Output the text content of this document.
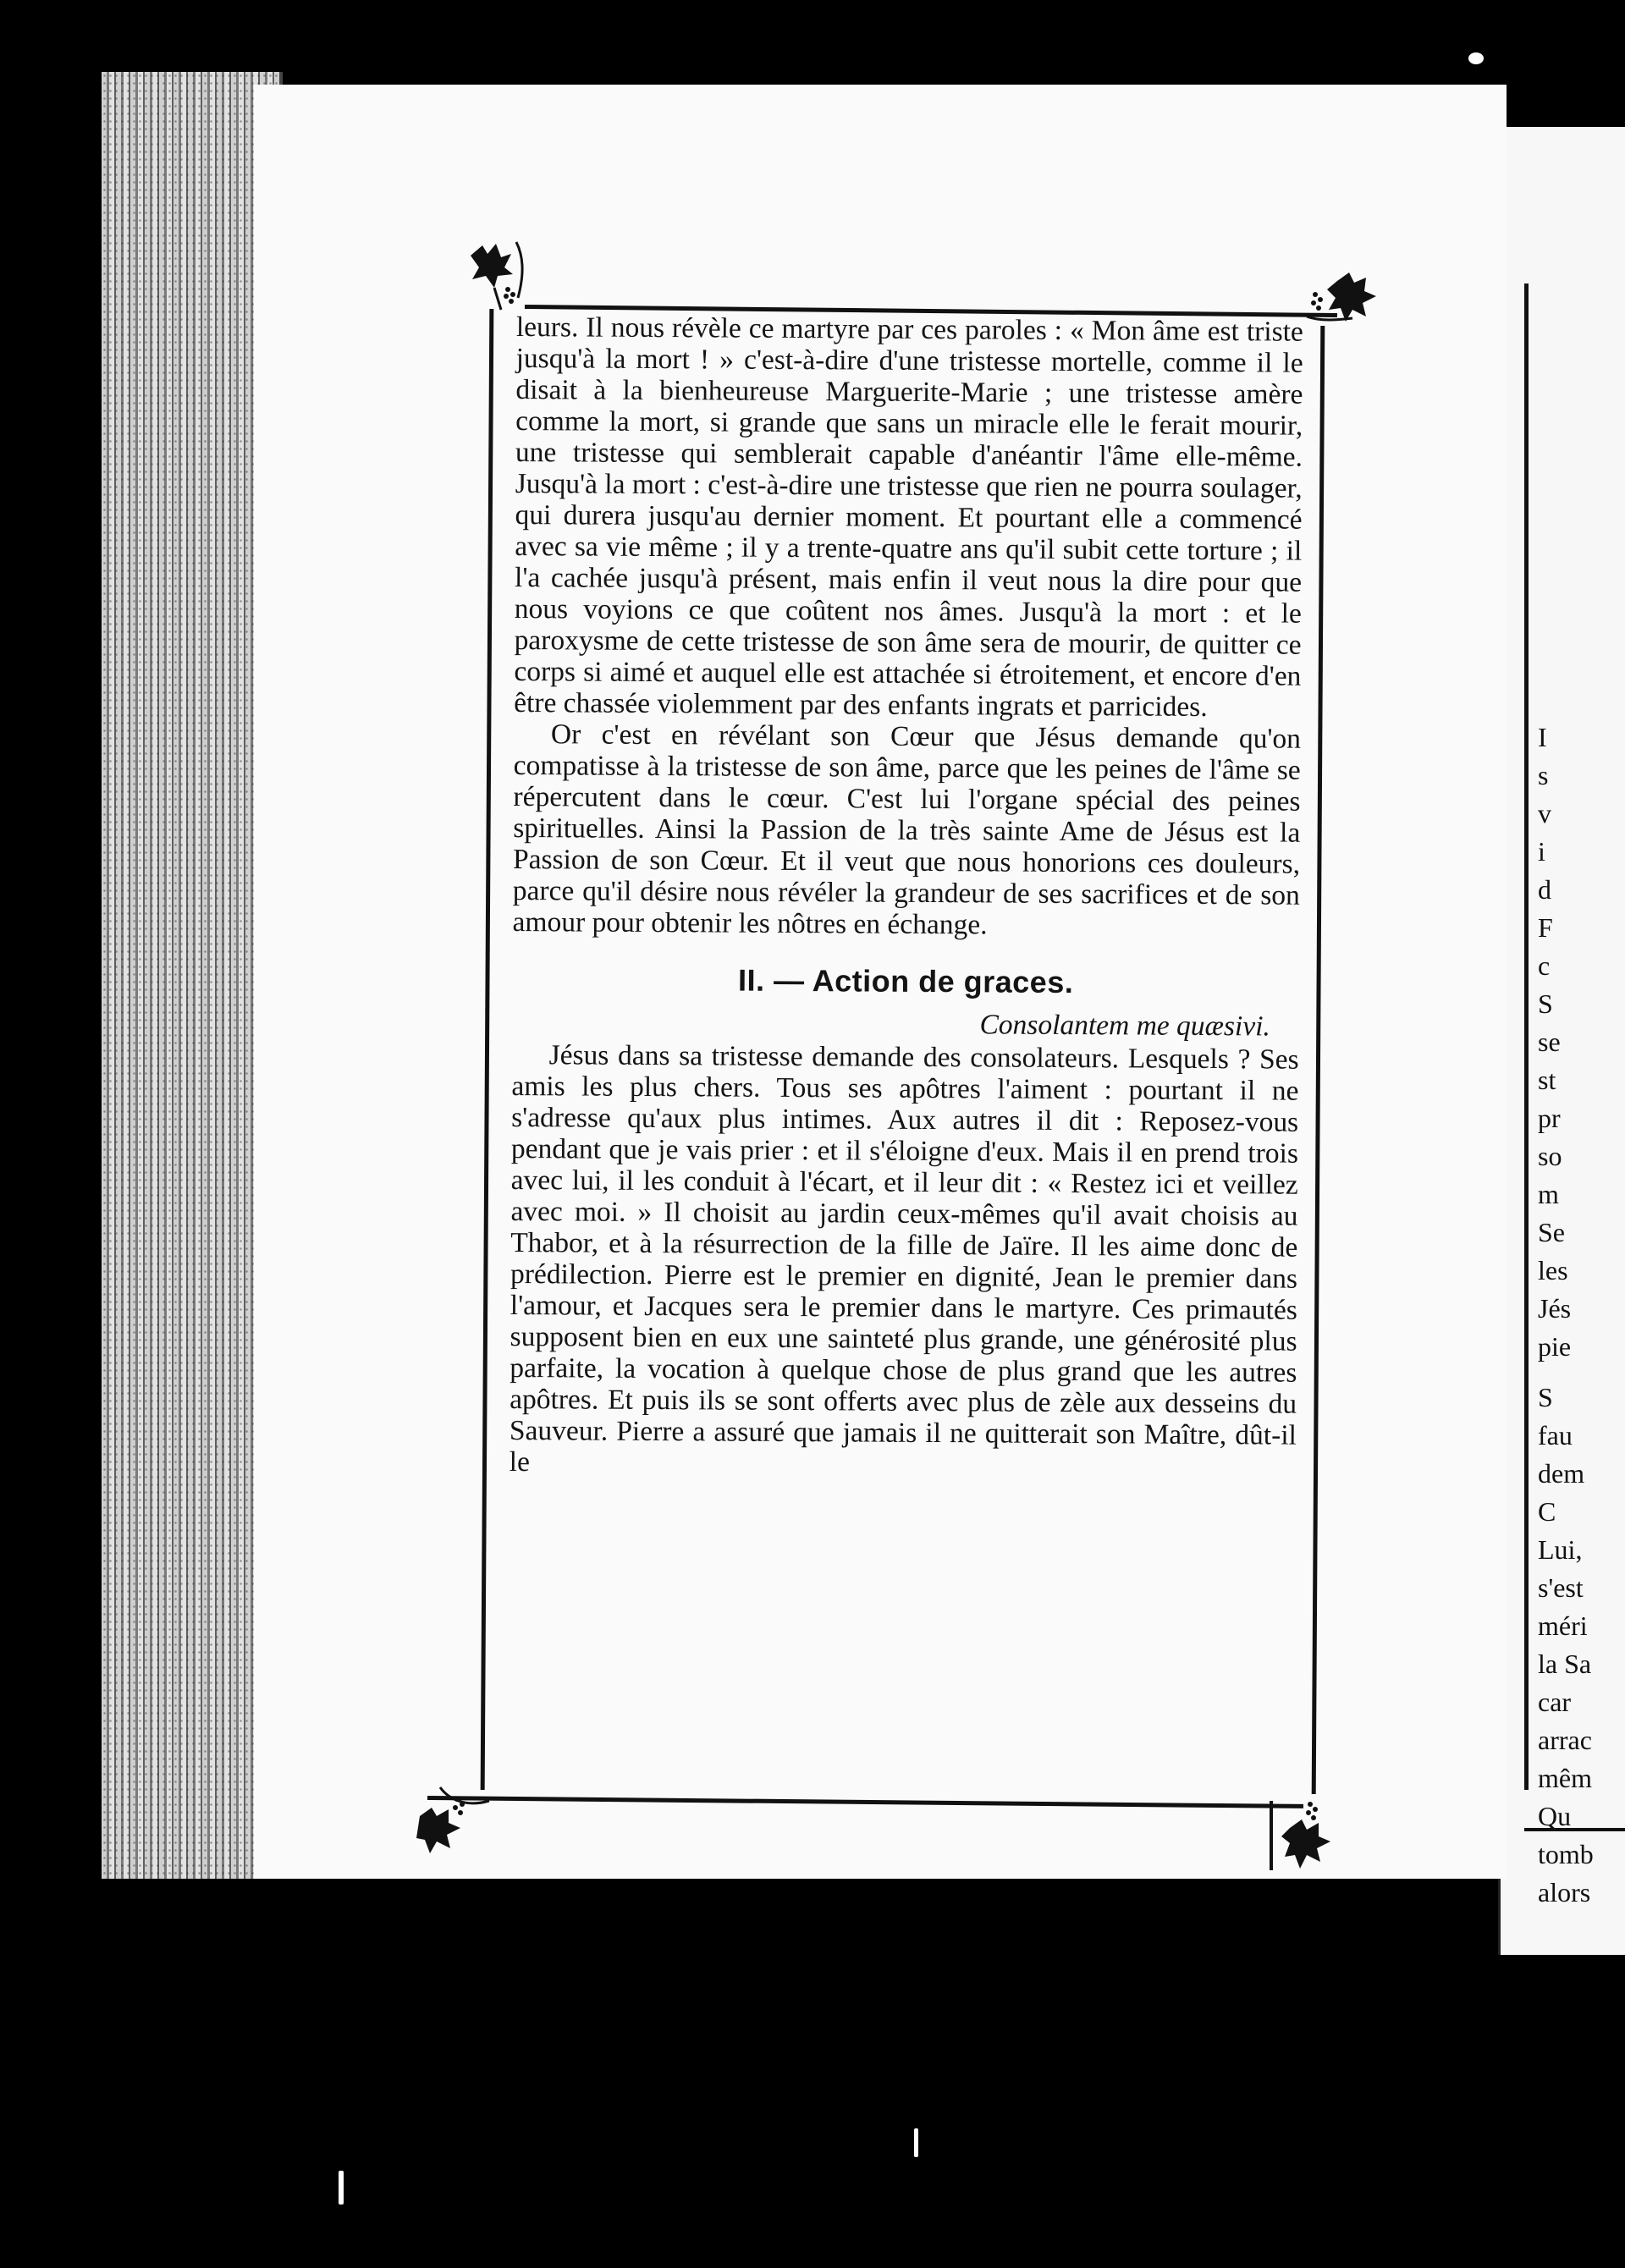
I
s
v
i
d
F
c
S
se
st
pr
so
m
Se
les
Jés
pie
S
fau
dem
C
Lui,
s'est
méri
la Sa
car
arrac
mêm
Qu
tomb
alors

leurs. Il nous révèle ce martyre par ces paroles : « Mon âme est triste jusqu'à la mort ! » c'est-à-dire d'une tristesse mortelle, comme il le disait à la bienheureuse Marguerite-Marie ; une tristesse amère comme la mort, si grande que sans un miracle elle le ferait mourir, une tristesse qui semblerait capable d'anéantir l'âme elle-même. Jusqu'à la mort : c'est-à-dire une tristesse que rien ne pourra soulager, qui durera jusqu'au dernier moment. Et pourtant elle a commencé avec sa vie même ; il y a trente-quatre ans qu'il subit cette torture ; il l'a cachée jusqu'à présent, mais enfin il veut nous la dire pour que nous voyions ce que coûtent nos âmes. Jusqu'à la mort : et le paroxysme de cette tristesse de son âme sera de mourir, de quitter ce corps si aimé et auquel elle est attachée si étroitement, et encore d'en être chassée violemment par des enfants ingrats et parricides.

Or c'est en révélant son Cœur que Jésus demande qu'on compatisse à la tristesse de son âme, parce que les peines de l'âme se répercutent dans le cœur. C'est lui l'organe spécial des peines spirituelles. Ainsi la Passion de la très sainte Ame de Jésus est la Passion de son Cœur. Et il veut que nous honorions ces douleurs, parce qu'il désire nous révéler la grandeur de ses sacrifices et de son amour pour obtenir les nôtres en échange.

II. — Action de graces.
Consolantem me quæsivi.

Jésus dans sa tristesse demande des consolateurs. Lesquels ? Ses amis les plus chers. Tous ses apôtres l'aiment : pourtant il ne s'adresse qu'aux plus intimes. Aux autres il dit : Reposez-vous pendant que je vais prier : et il s'éloigne d'eux. Mais il en prend trois avec lui, il les conduit à l'écart, et il leur dit : « Restez ici et veillez avec moi. » Il choisit au jardin ceux-mêmes qu'il avait choisis au Thabor, et à la résurrection de la fille de Jaïre. Il les aime donc de prédilection. Pierre est le premier en dignité, Jean le premier dans l'amour, et Jacques sera le premier dans le martyre. Ces primautés supposent bien en eux une sainteté plus grande, une générosité plus parfaite, la vocation à quelque chose de plus grand que les autres apôtres. Et puis ils se sont offerts avec plus de zèle aux desseins du Sauveur. Pierre a assuré que jamais il ne quitterait son Maître, dût-il le
